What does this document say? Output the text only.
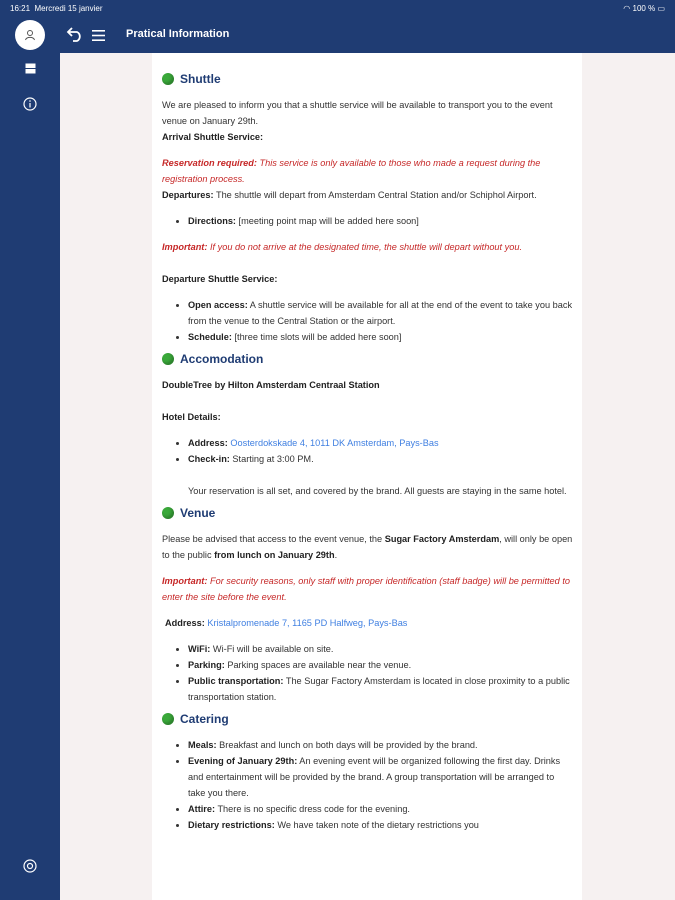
16:21 Mercredi 15 janvier	◠ 100 % ▭
Pratical Information
Shuttle

We are pleased to inform you that a shuttle service will be available to transport you to the event venue on January 29th.

Arrival Shuttle Service:

Reservation required: This service is only available to those who made a request during the registration process.

Departures: The shuttle will depart from Amsterdam Central Station and/or Schiphol Airport.

• Directions: [meeting point map will be added here soon]

Important: If you do not arrive at the designated time, the shuttle will depart without you.

Departure Shuttle Service:

• Open access: A shuttle service will be available for all at the end of the event to take you back from the venue to the Central Station or the airport.
• Schedule: [three time slots will be added here soon]
Accomodation

DoubleTree by Hilton Amsterdam Centraal Station

Hotel Details:

• Address: Oosterdokskade 4, 1011 DK Amsterdam, Pays-Bas
• Check-in: Starting at 3:00 PM.

Your reservation is all set, and covered by the brand. All guests are staying in the same hotel.

Venue

Please be advised that access to the event venue, the Sugar Factory Amsterdam, will only be open to the public from lunch on January 29th.

Important: For security reasons, only staff with proper identification (staff badge) will be permitted to enter the site before the event.

Address: Kristalpromenade 7, 1165 PD Halfweg, Pays-Bas

• WiFi: Wi-Fi will be available on site.
• Parking: Parking spaces are available near the venue.
• Public transportation: The Sugar Factory Amsterdam is located in close proximity to a public transportation station.
Catering
• Meals: Breakfast and lunch on both days will be provided by the brand.
• Evening of January 29th: An evening event will be organized following the first day. Drinks and entertainment will be provided by the brand. A group transportation will be arranged to take you there.
• Attire: There is no specific dress code for the evening.
• Dietary restrictions: We have taken note of the dietary restrictions you
